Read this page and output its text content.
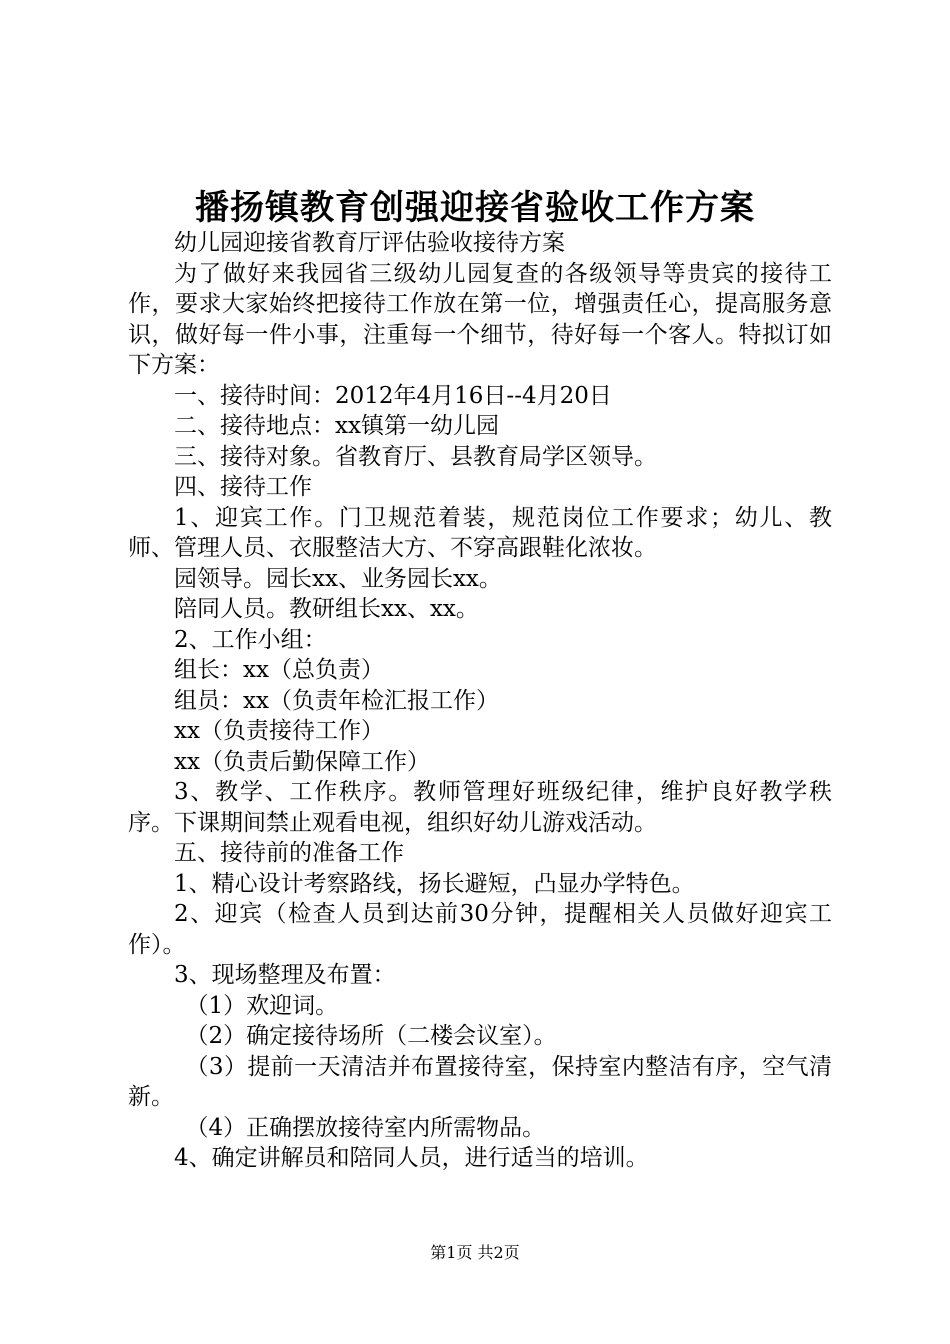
播扬镇教育创强迎接省验收工作方案

幼儿园迎接省教育厅评估验收接待方案

为了做好来我园省三级幼儿园复查的各级领导等贵宾的接待工作，要求大家始终把接待工作放在第一位，增强责任心，提高服务意识，做好每一件小事，注重每一个细节，待好每一个客人。特拟订如下方案：

一、接待时间：2012年4月16日--4月20日

二、接待地点：xx镇第一幼儿园

三、接待对象。省教育厅、县教育局学区领导。

四、接待工作

1、迎宾工作。门卫规范着装，规范岗位工作要求；幼儿、教师、管理人员、衣服整洁大方、不穿高跟鞋化浓妆。

园领导。园长xx、业务园长xx。

陪同人员。教研组长xx、xx。

2、工作小组：

组长：xx（总负责）

组员：xx（负责年检汇报工作）

xx（负责接待工作）

xx（负责后勤保障工作）

3、教学、工作秩序。教师管理好班级纪律，维护良好教学秩序。下课期间禁止观看电视，组织好幼儿游戏活动。

五、接待前的准备工作

1、精心设计考察路线，扬长避短，凸显办学特色。

2、迎宾（检查人员到达前30分钟，提醒相关人员做好迎宾工作）。

3、现场整理及布置：

（1）欢迎词。

（2）确定接待场所（二楼会议室）。

（3）提前一天清洁并布置接待室，保持室内整洁有序，空气清新。

（4）正确摆放接待室内所需物品。

4、确定讲解员和陪同人员，进行适当的培训。

第1页 共2页
